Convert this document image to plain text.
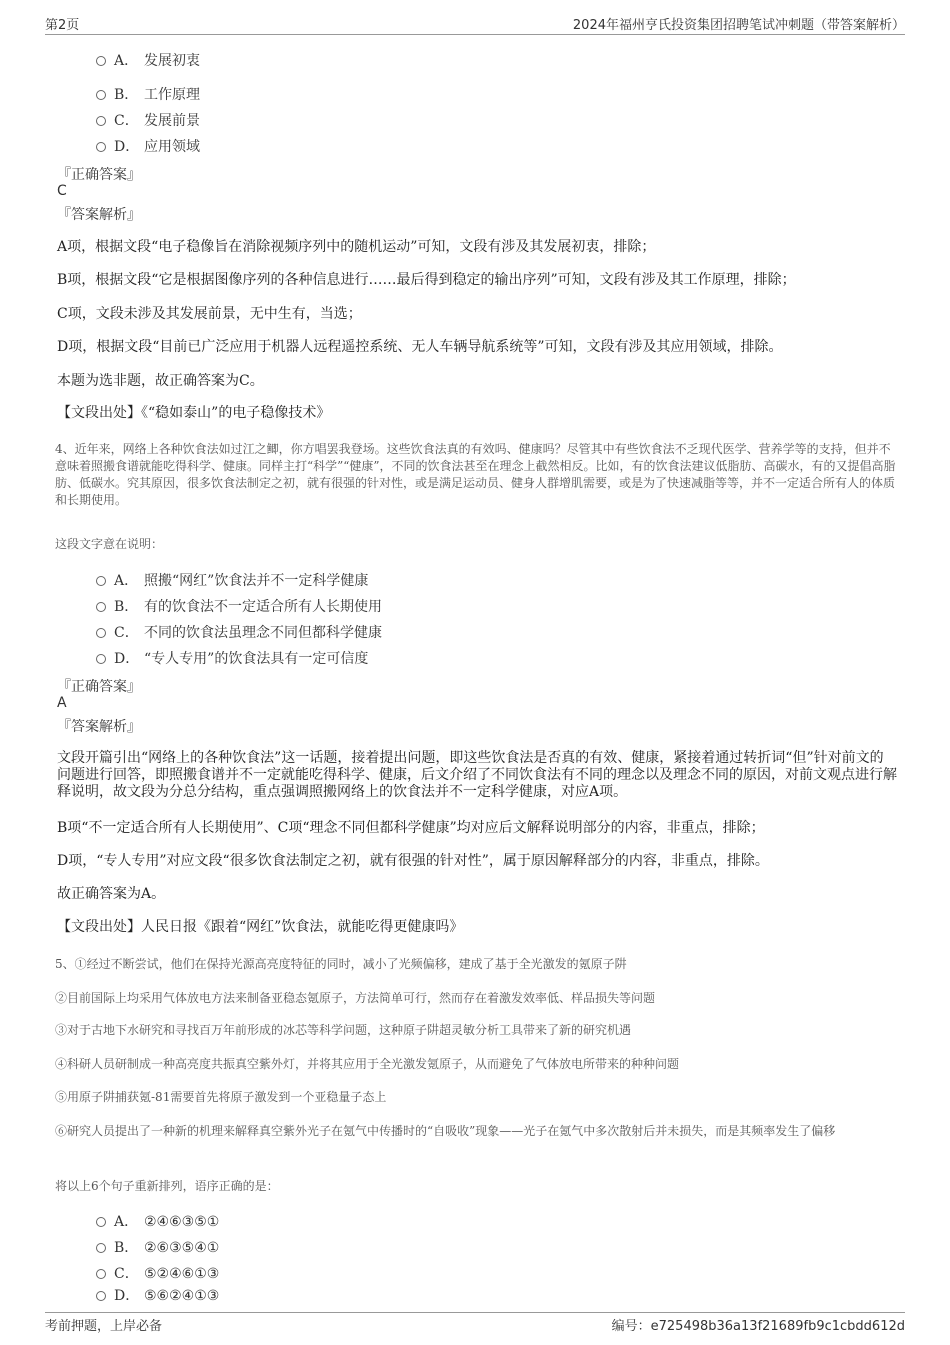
第2页	2024年福州亨氏投资集团招聘笔试冲刺题（带答案解析）
A． 发展初衷
B． 工作原理
C． 发展前景
D． 应用领域
『正确答案』
C
『答案解析』
A项，根据文段“电子稳像旨在消除视频序列中的随机运动”可知，文段有涉及其发展初衷，排除；
B项，根据文段“它是根据图像序列的各种信息进行……最后得到稳定的输出序列”可知，文段有涉及其工作原理，排除；
C项，文段未涉及其发展前景，无中生有，当选；
D项，根据文段“目前已广泛应用于机器人远程遥控系统、无人车辆导航系统等”可知，文段有涉及其应用领域，排除。
本题为选非题，故正确答案为C。
【文段出处】《“稳如泰山”的电子稳像技术》
4、近年来，网络上各种饮食法如过江之鲫，你方唱罢我登场。这些饮食法真的有效吗、健康吗？尽管其中有些饮食法不乏现代医学、营养学等的支持，但并不意味着照搬食谱就能吃得科学、健康。同样主打“科学”“健康”，不同的饮食法甚至在理念上截然相反。比如，有的饮食法建议低脂肪、高碳水，有的又提倡高脂肪、低碳水。究其原因，很多饮食法制定之初，就有很强的针对性，或是满足运动员、健身人群增肌需要，或是为了快速减脂等等，并不一定适合所有人的体质和长期使用。
这段文字意在说明：
A． 照搬“网红”饮食法并不一定科学健康
B． 有的饮食法不一定适合所有人长期使用
C． 不同的饮食法虽理念不同但都科学健康
D． “专人专用”的饮食法具有一定可信度
『正确答案』
A
『答案解析』
文段开篇引出“网络上的各种饮食法”这一话题，接着提出问题，即这些饮食法是否真的有效、健康，紧接着通过转折词“但”针对前文的问题进行回答，即照搬食谱并不一定就能吃得科学、健康，后文介绍了不同饮食法有不同的理念以及理念不同的原因，对前文观点进行解释说明，故文段为分总分结构，重点强调照搬网络上的饮食法并不一定科学健康，对应A项。
B项“不一定适合所有人长期使用”、C项“理念不同但都科学健康”均对应后文解释说明部分的内容，非重点，排除；
D项，“专人专用”对应文段“很多饮食法制定之初，就有很强的针对性”，属于原因解释部分的内容，非重点，排除。
故正确答案为A。
【文段出处】人民日报《跟着“网红”饮食法，就能吃得更健康吗》
5、①经过不断尝试，他们在保持光源高亮度特征的同时，减小了光频偏移，建成了基于全光激发的氪原子阱
②目前国际上均采用气体放电方法来制备亚稳态氪原子，方法简单可行，然而存在着激发效率低、样品损失等问题
③对于古地下水研究和寻找百万年前形成的冰芯等科学问题，这种原子阱超灵敏分析工具带来了新的研究机遇
④科研人员研制成一种高亮度共振真空紫外灯，并将其应用于全光激发氪原子，从而避免了气体放电所带来的种种问题
⑤用原子阱捕获氪-81需要首先将原子激发到一个亚稳量子态上
⑥研究人员提出了一种新的机理来解释真空紫外光子在氪气中传播时的“自吸收”现象——光子在氪气中多次散射后并未损失，而是其频率发生了偏移
将以上6个句子重新排列，语序正确的是：
A． ②④⑥③⑤①
B． ②⑥③⑤④①
C． ⑤②④⑥①③
D． ⑤⑥②④①③
考前押题，上岸必备	编号：e725498b36a13f21689fb9c1cbdd612d
